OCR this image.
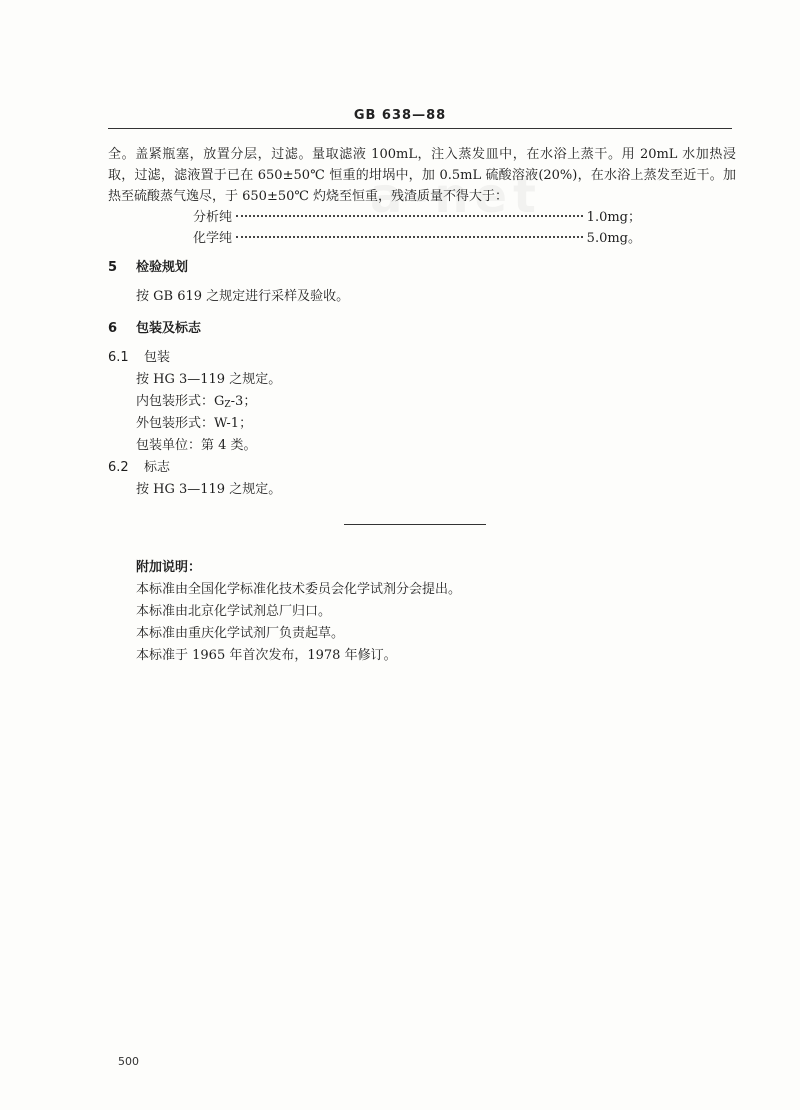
GB 638—88
全。盖紧瓶塞，放置分层，过滤。量取滤液 100mL，注入蒸发皿中，在水浴上蒸干。用 20mL 水加热浸取，过滤，滤液置于已在 650±50℃ 恒重的坩埚中，加 0.5mL 硫酸溶液(20%)，在水浴上蒸发至近干。加热至硫酸蒸气逸尽，于 650±50℃ 灼烧至恒重，残渣质量不得大于：
分析纯	1.0mg；
化学纯	5.0mg。
5 检验规划
按 GB 619 之规定进行采样及验收。
6 包装及标志
6.1 包装
按 HG 3—119 之规定。
内包装形式：$G_Z-3$；
外包装形式：W-1；
包装单位：第 4 类。
6.2 标志
按 HG 3—119 之规定。
附加说明：
本标准由全国化学标准化技术委员会化学试剂分会提出。
本标准由北京化学试剂总厂归口。
本标准由重庆化学试剂厂负责起草。
本标准于 1965 年首次发布，1978 年修订。
500
